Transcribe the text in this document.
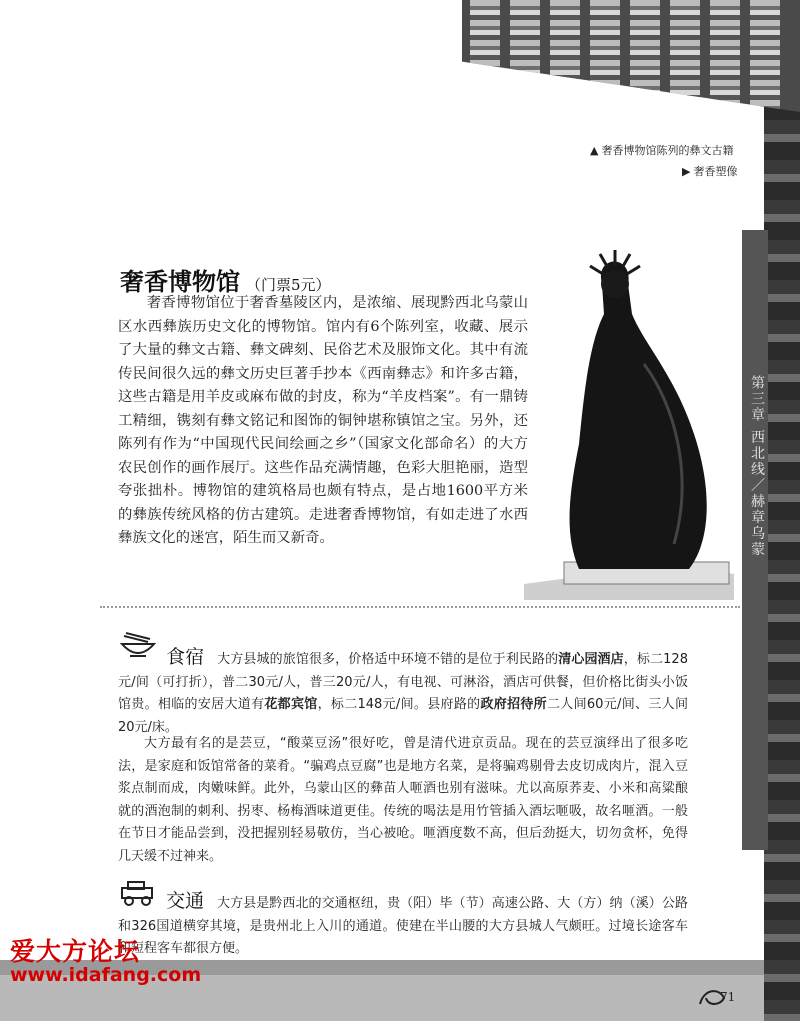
第三章 西北线／赫章乌蒙
▲ 奢香博物馆陈列的彝文古籍
▶ 奢香塑像
奢香博物馆 （门票5元）

奢香博物馆位于奢香墓陵区内，是浓缩、展现黔西北乌蒙山区水西彝族历史文化的博物馆。馆内有6个陈列室，收藏、展示了大量的彝文古籍、彝文碑刻、民俗艺术及服饰文化。其中有流传民间很久远的彝文历史巨著手抄本《西南彝志》和许多古籍，这些古籍是用羊皮或麻布做的封皮，称为“羊皮档案”。有一鼎铸工精细，镌刻有彝文铭记和图饰的铜钟堪称镇馆之宝。另外，还陈列有作为“中国现代民间绘画之乡”（国家文化部命名）的大方农民创作的画作展厅。这些作品充满情趣，色彩大胆艳丽，造型夸张拙朴。博物馆的建筑格局也颇有特点，是占地1600平方米的彝族传统风格的仿古建筑。走进奢香博物馆，有如走进了水西彝族文化的迷宫，陌生而又新奇。

食宿 大方县城的旅馆很多，价格适中环境不错的是位于利民路的清心园酒店，标二128元/间（可打折），普二30元/人，普三20元/人，有电视、可淋浴，酒店可供餐，但价格比街头小饭馆贵。相临的安居大道有花都宾馆，标二148元/间。县府路的政府招待所二人间60元/间、三人间20元/床。

大方最有名的是芸豆，“酸菜豆汤”很好吃，曾是清代进京贡品。现在的芸豆演绎出了很多吃法，是家庭和饭馆常备的菜肴。“骗鸡点豆腐”也是地方名菜，是将骗鸡剔骨去皮切成肉片，混入豆浆点制而成，肉嫩味鲜。此外，乌蒙山区的彝苗人咂酒也别有滋味。尤以高原荞麦、小米和高粱酿就的酒泡制的刺利、拐枣、杨梅酒味道更佳。传统的喝法是用竹管插入酒坛咂吸，故名咂酒。一般在节日才能品尝到，没把握别轻易敬仿，当心被呛。咂酒度数不高，但后劲挺大，切勿贪杯，免得几天缓不过神来。

交通 大方县是黔西北的交通枢纽，贵（阳）毕（节）高速公路、大（方）纳（溪）公路和326国道横穿其境，是贵州北上入川的通道。使建在半山腰的大方县城人气颇旺。过境长途客车和短程客车都很方便。

爱大方论坛
www.idafang.com
71
